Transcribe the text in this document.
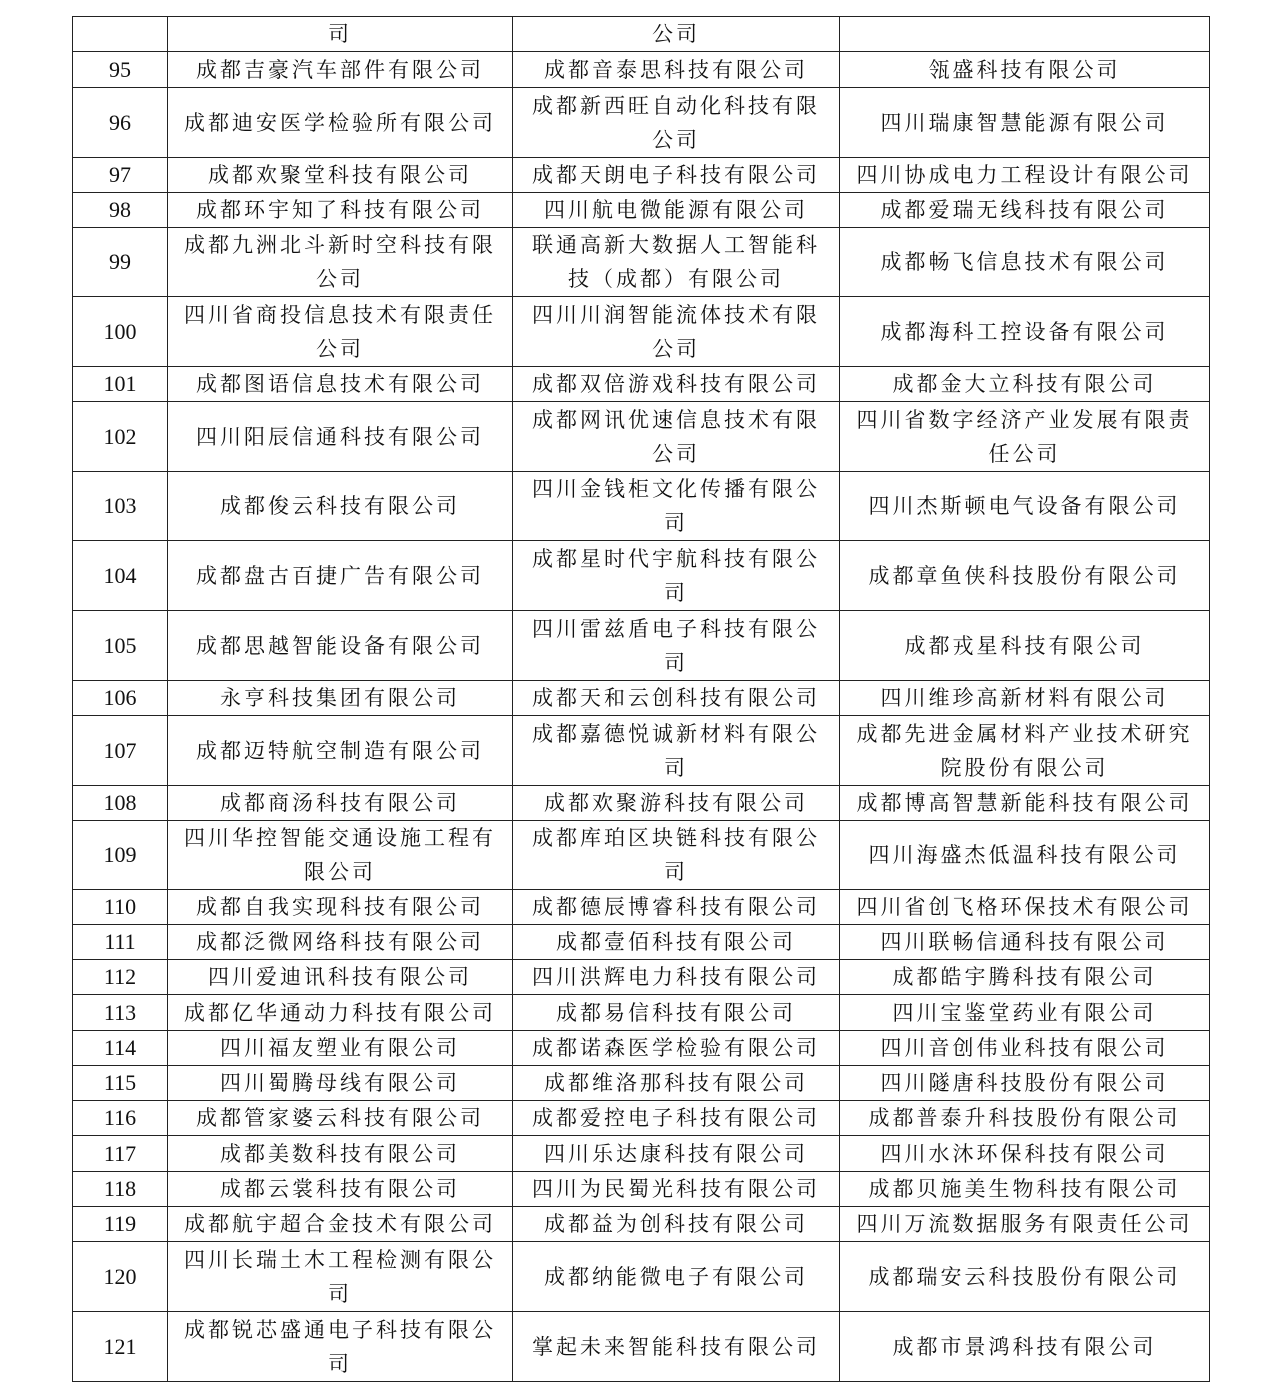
	司	公司	
95	成都吉豪汽车部件有限公司	成都音泰思科技有限公司	瓴盛科技有限公司
96	成都迪安医学检验所有限公司	成都新西旺自动化科技有限公司	四川瑞康智慧能源有限公司
97	成都欢聚堂科技有限公司	成都天朗电子科技有限公司	四川协成电力工程设计有限公司
98	成都环宇知了科技有限公司	四川航电微能源有限公司	成都爱瑞无线科技有限公司
99	成都九洲北斗新时空科技有限公司	联通高新大数据人工智能科技（成都）有限公司	成都畅飞信息技术有限公司
100	四川省商投信息技术有限责任公司	四川川润智能流体技术有限公司	成都海科工控设备有限公司
101	成都图语信息技术有限公司	成都双倍游戏科技有限公司	成都金大立科技有限公司
102	四川阳辰信通科技有限公司	成都网讯优速信息技术有限公司	四川省数字经济产业发展有限责任公司
103	成都俊云科技有限公司	四川金钱柜文化传播有限公司	四川杰斯顿电气设备有限公司
104	成都盘古百捷广告有限公司	成都星时代宇航科技有限公司	成都章鱼侠科技股份有限公司
105	成都思越智能设备有限公司	四川雷兹盾电子科技有限公司	成都戎星科技有限公司
106	永亨科技集团有限公司	成都天和云创科技有限公司	四川维珍高新材料有限公司
107	成都迈特航空制造有限公司	成都嘉德悦诚新材料有限公司	成都先进金属材料产业技术研究院股份有限公司
108	成都商汤科技有限公司	成都欢聚游科技有限公司	成都博高智慧新能科技有限公司
109	四川华控智能交通设施工程有限公司	成都库珀区块链科技有限公司	四川海盛杰低温科技有限公司
110	成都自我实现科技有限公司	成都德辰博睿科技有限公司	四川省创飞格环保技术有限公司
111	成都泛微网络科技有限公司	成都壹佰科技有限公司	四川联畅信通科技有限公司
112	四川爱迪讯科技有限公司	四川洪辉电力科技有限公司	成都皓宇腾科技有限公司
113	成都亿华通动力科技有限公司	成都易信科技有限公司	四川宝鉴堂药业有限公司
114	四川福友塑业有限公司	成都诺森医学检验有限公司	四川音创伟业科技有限公司
115	四川蜀腾母线有限公司	成都维洛那科技有限公司	四川隧唐科技股份有限公司
116	成都管家婆云科技有限公司	成都爱控电子科技有限公司	成都普泰升科技股份有限公司
117	成都美数科技有限公司	四川乐达康科技有限公司	四川水沐环保科技有限公司
118	成都云裳科技有限公司	四川为民蜀光科技有限公司	成都贝施美生物科技有限公司
119	成都航宇超合金技术有限公司	成都益为创科技有限公司	四川万流数据服务有限责任公司
120	四川长瑞土木工程检测有限公司	成都纳能微电子有限公司	成都瑞安云科技股份有限公司
121	成都锐芯盛通电子科技有限公司	掌起未来智能科技有限公司	成都市景鸿科技有限公司
